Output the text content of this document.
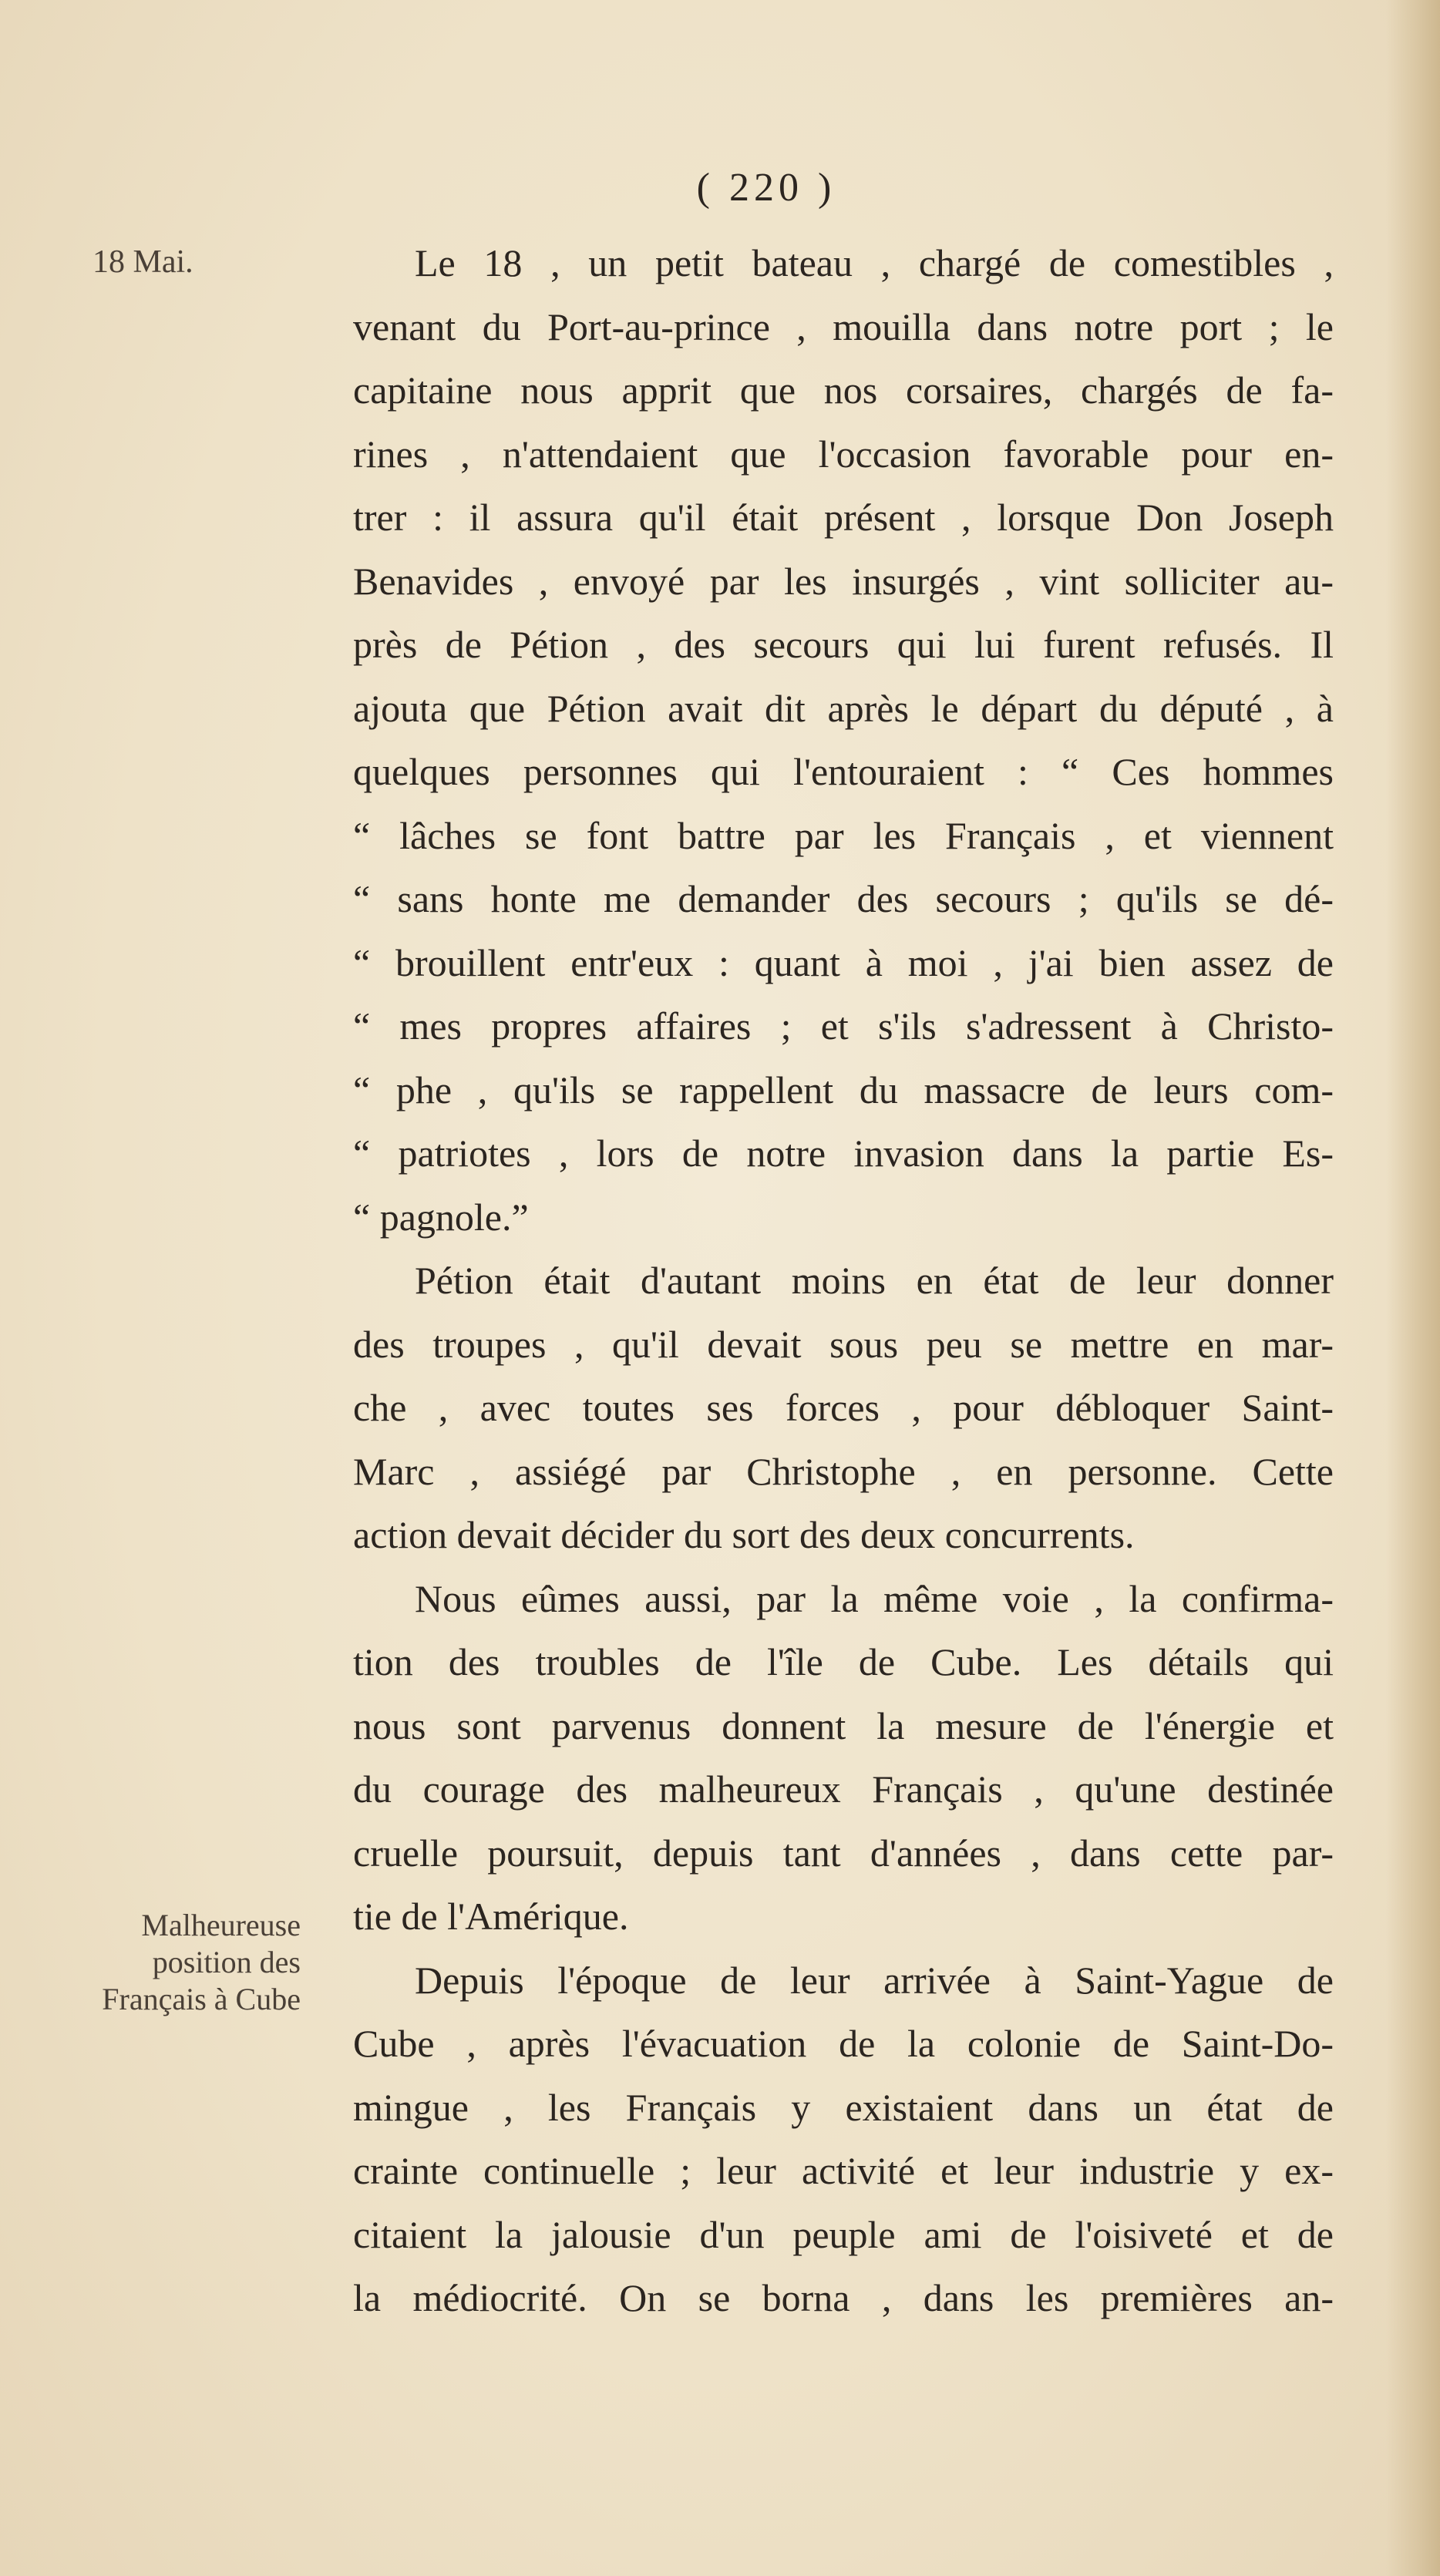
( 220 )
18 Mai.
Malheureuse
position des
Français à Cube
Le 18 , un petit bateau , chargé de comestibles ,
venant du Port-au-prince , mouilla dans notre port ; le
capitaine nous apprit que nos corsaires, chargés de fa-
rines , n'attendaient que l'occasion favorable pour en-
trer : il assura qu'il était présent , lorsque Don Joseph
Benavides , envoyé par les insurgés , vint solliciter au-
près de Pétion , des secours qui lui furent refusés. Il
ajouta que Pétion avait dit après le départ du député , à
quelques personnes qui l'entouraient : “ Ces hommes
“ lâches se font battre par les Français , et viennent
“ sans honte me demander des secours ; qu'ils se dé-
“ brouillent entr'eux : quant à moi , j'ai bien assez de
“ mes propres affaires ; et s'ils s'adressent à Christo-
“ phe , qu'ils se rappellent du massacre de leurs com-
“ patriotes , lors de notre invasion dans la partie Es-
“ pagnole.”
Pétion était d'autant moins en état de leur donner
des troupes , qu'il devait sous peu se mettre en mar-
che , avec toutes ses forces , pour débloquer Saint-
Marc , assiégé par Christophe , en personne. Cette
action devait décider du sort des deux concurrents.
Nous eûmes aussi, par la même voie , la confirma-
tion des troubles de l'île de Cube. Les détails qui
nous sont parvenus donnent la mesure de l'énergie et
du courage des malheureux Français , qu'une destinée
cruelle poursuit, depuis tant d'années , dans cette par-
tie de l'Amérique.
Depuis l'époque de leur arrivée à Saint-Yague de
Cube , après l'évacuation de la colonie de Saint-Do-
mingue , les Français y existaient dans un état de
crainte continuelle ; leur activité et leur industrie y ex-
citaient la jalousie d'un peuple ami de l'oisiveté et de
la médiocrité. On se borna , dans les premières an-
